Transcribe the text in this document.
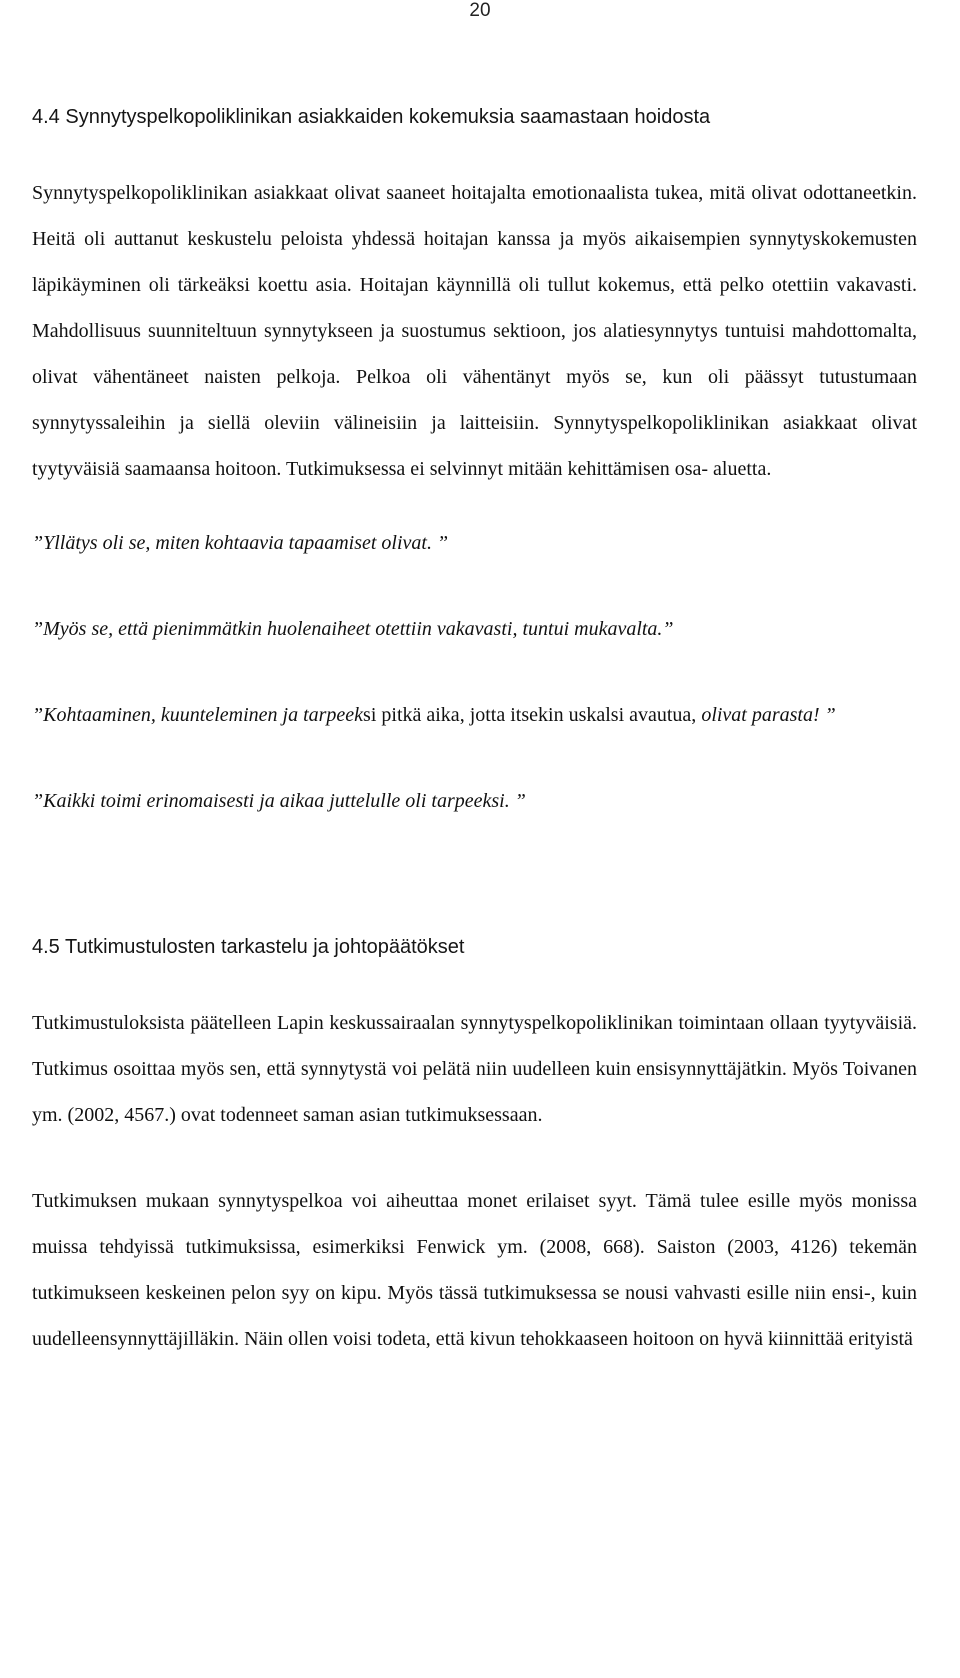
20
4.4 Synnytyspelkopoliklinikan asiakkaiden kokemuksia saamastaan hoidosta

Synnytyspelkopoliklinikan asiakkaat olivat saaneet hoitajalta emotionaalista tukea, mitä olivat odottaneetkin. Heitä oli auttanut keskustelu peloista yhdessä hoitajan kanssa ja myös aikaisempien synnytyskokemusten läpikäyminen oli tärkeäksi koettu asia. Hoitajan käynnillä oli tullut kokemus, että pelko otettiin vakavasti. Mahdollisuus suunniteltuun synnytykseen ja suostumus sektioon, jos alatiesynnytys tuntuisi mahdottomalta, olivat vähentäneet naisten pelkoja. Pelkoa oli vähentänyt myös se, kun oli päässyt tutustumaan synnytyssaleihin ja siellä oleviin välineisiin ja laitteisiin. Synnytyspelkopoliklinikan asiakkaat olivat tyytyväisiä saamaansa hoitoon. Tutkimuksessa ei selvinnyt mitään kehittämisen osa- aluetta.

”Yllätys oli se, miten kohtaavia tapaamiset olivat. ”

”Myös se, että pienimmätkin huolenaiheet otettiin vakavasti, tuntui mukavalta.”

”Kohtaaminen, kuunteleminen ja tarpeeksi pitkä aika, jotta itsekin uskalsi avautua, olivat parasta! ”

”Kaikki toimi erinomaisesti ja aikaa juttelulle oli tarpeeksi. ”

4.5 Tutkimustulosten tarkastelu ja johtopäätökset

Tutkimustuloksista päätelleen Lapin keskussairaalan synnytyspelkopoliklinikan toimintaan ollaan tyytyväisiä. Tutkimus osoittaa myös sen, että synnytystä voi pelätä niin uudelleen kuin ensisynnyttäjätkin. Myös Toivanen ym. (2002, 4567.) ovat todenneet saman asian tutkimuksessaan.

Tutkimuksen mukaan synnytyspelkoa voi aiheuttaa monet erilaiset syyt. Tämä tulee esille myös monissa muissa tehdyissä tutkimuksissa, esimerkiksi Fenwick ym. (2008, 668). Saiston (2003, 4126) tekemän tutkimukseen keskeinen pelon syy on kipu. Myös tässä tutkimuksessa se nousi vahvasti esille niin ensi-, kuin uudelleensynnyttäjilläkin. Näin ollen voisi todeta, että kivun tehokkaaseen hoitoon on hyvä kiinnittää erityistä
